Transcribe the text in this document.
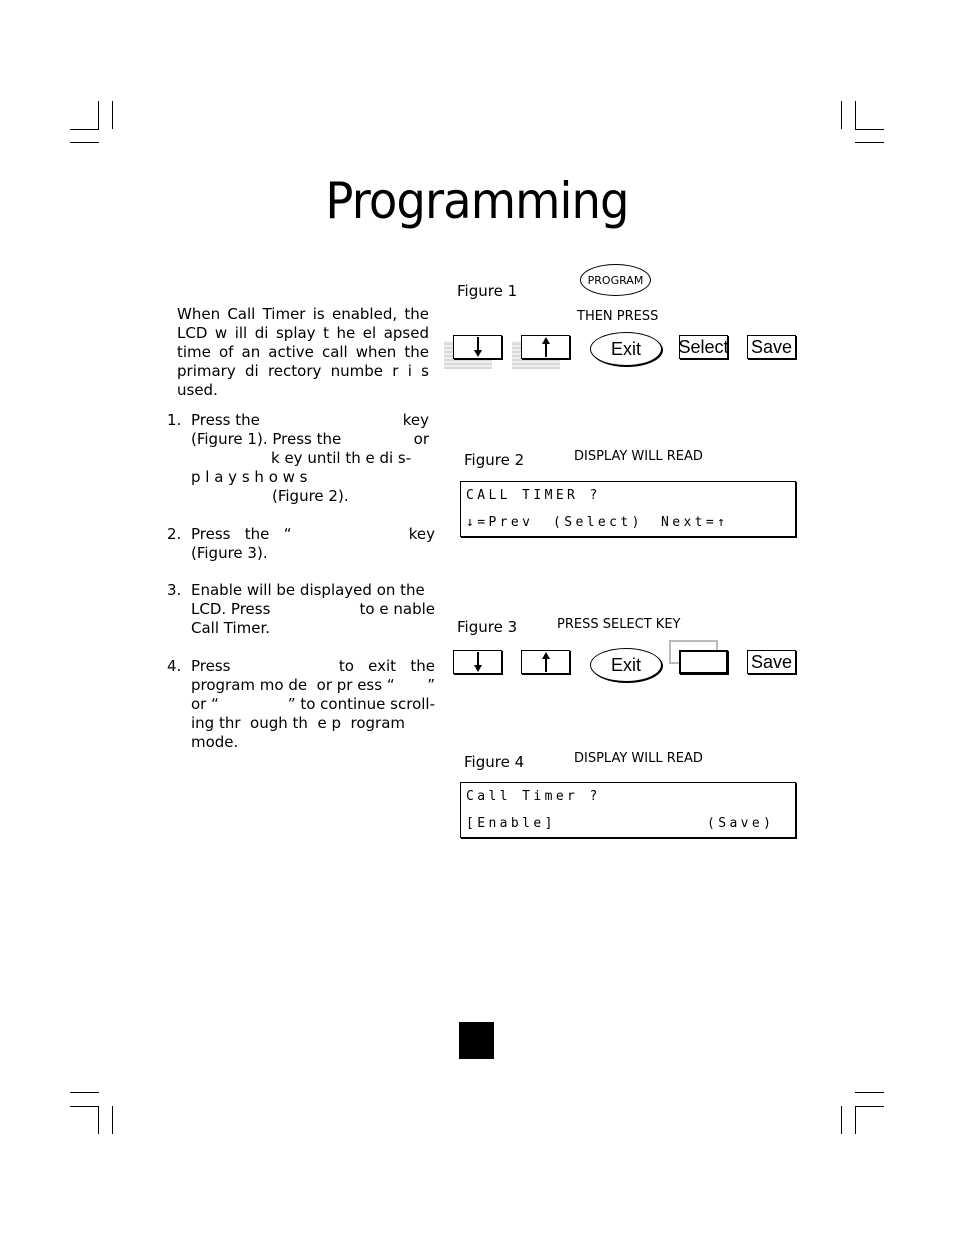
Programming
When Call Timer is enabled, the LCD w ill di splay t he el apsed time of an active call when the primary di rectory numbe r i s used.
1. Press the	key
(Figure 1). Press the	or
k ey until th e di s-
p l a y s h o w s
(Figure 2).
2. Press   the   “	key
(Figure 3).
3. Enable will be displayed on the
LCD. Press	to e nable
Call Timer.
4. Press	to   exit   the
program mo de  or pr ess “ ”
or “	” to continue scroll-
ing thr  ough th  e p  rogram
mode.
Figure 1
PROGRAM
THEN PRESS
Exit Select Save
Figure 2	DISPLAY WILL READ
CALL TIMER ?
↓=Prev (Select) Next=↑
Figure 3	PRESS SELECT KEY
Exit	Save
Figure 4	DISPLAY WILL READ
Call Timer ?
[Enable]	(Save)
